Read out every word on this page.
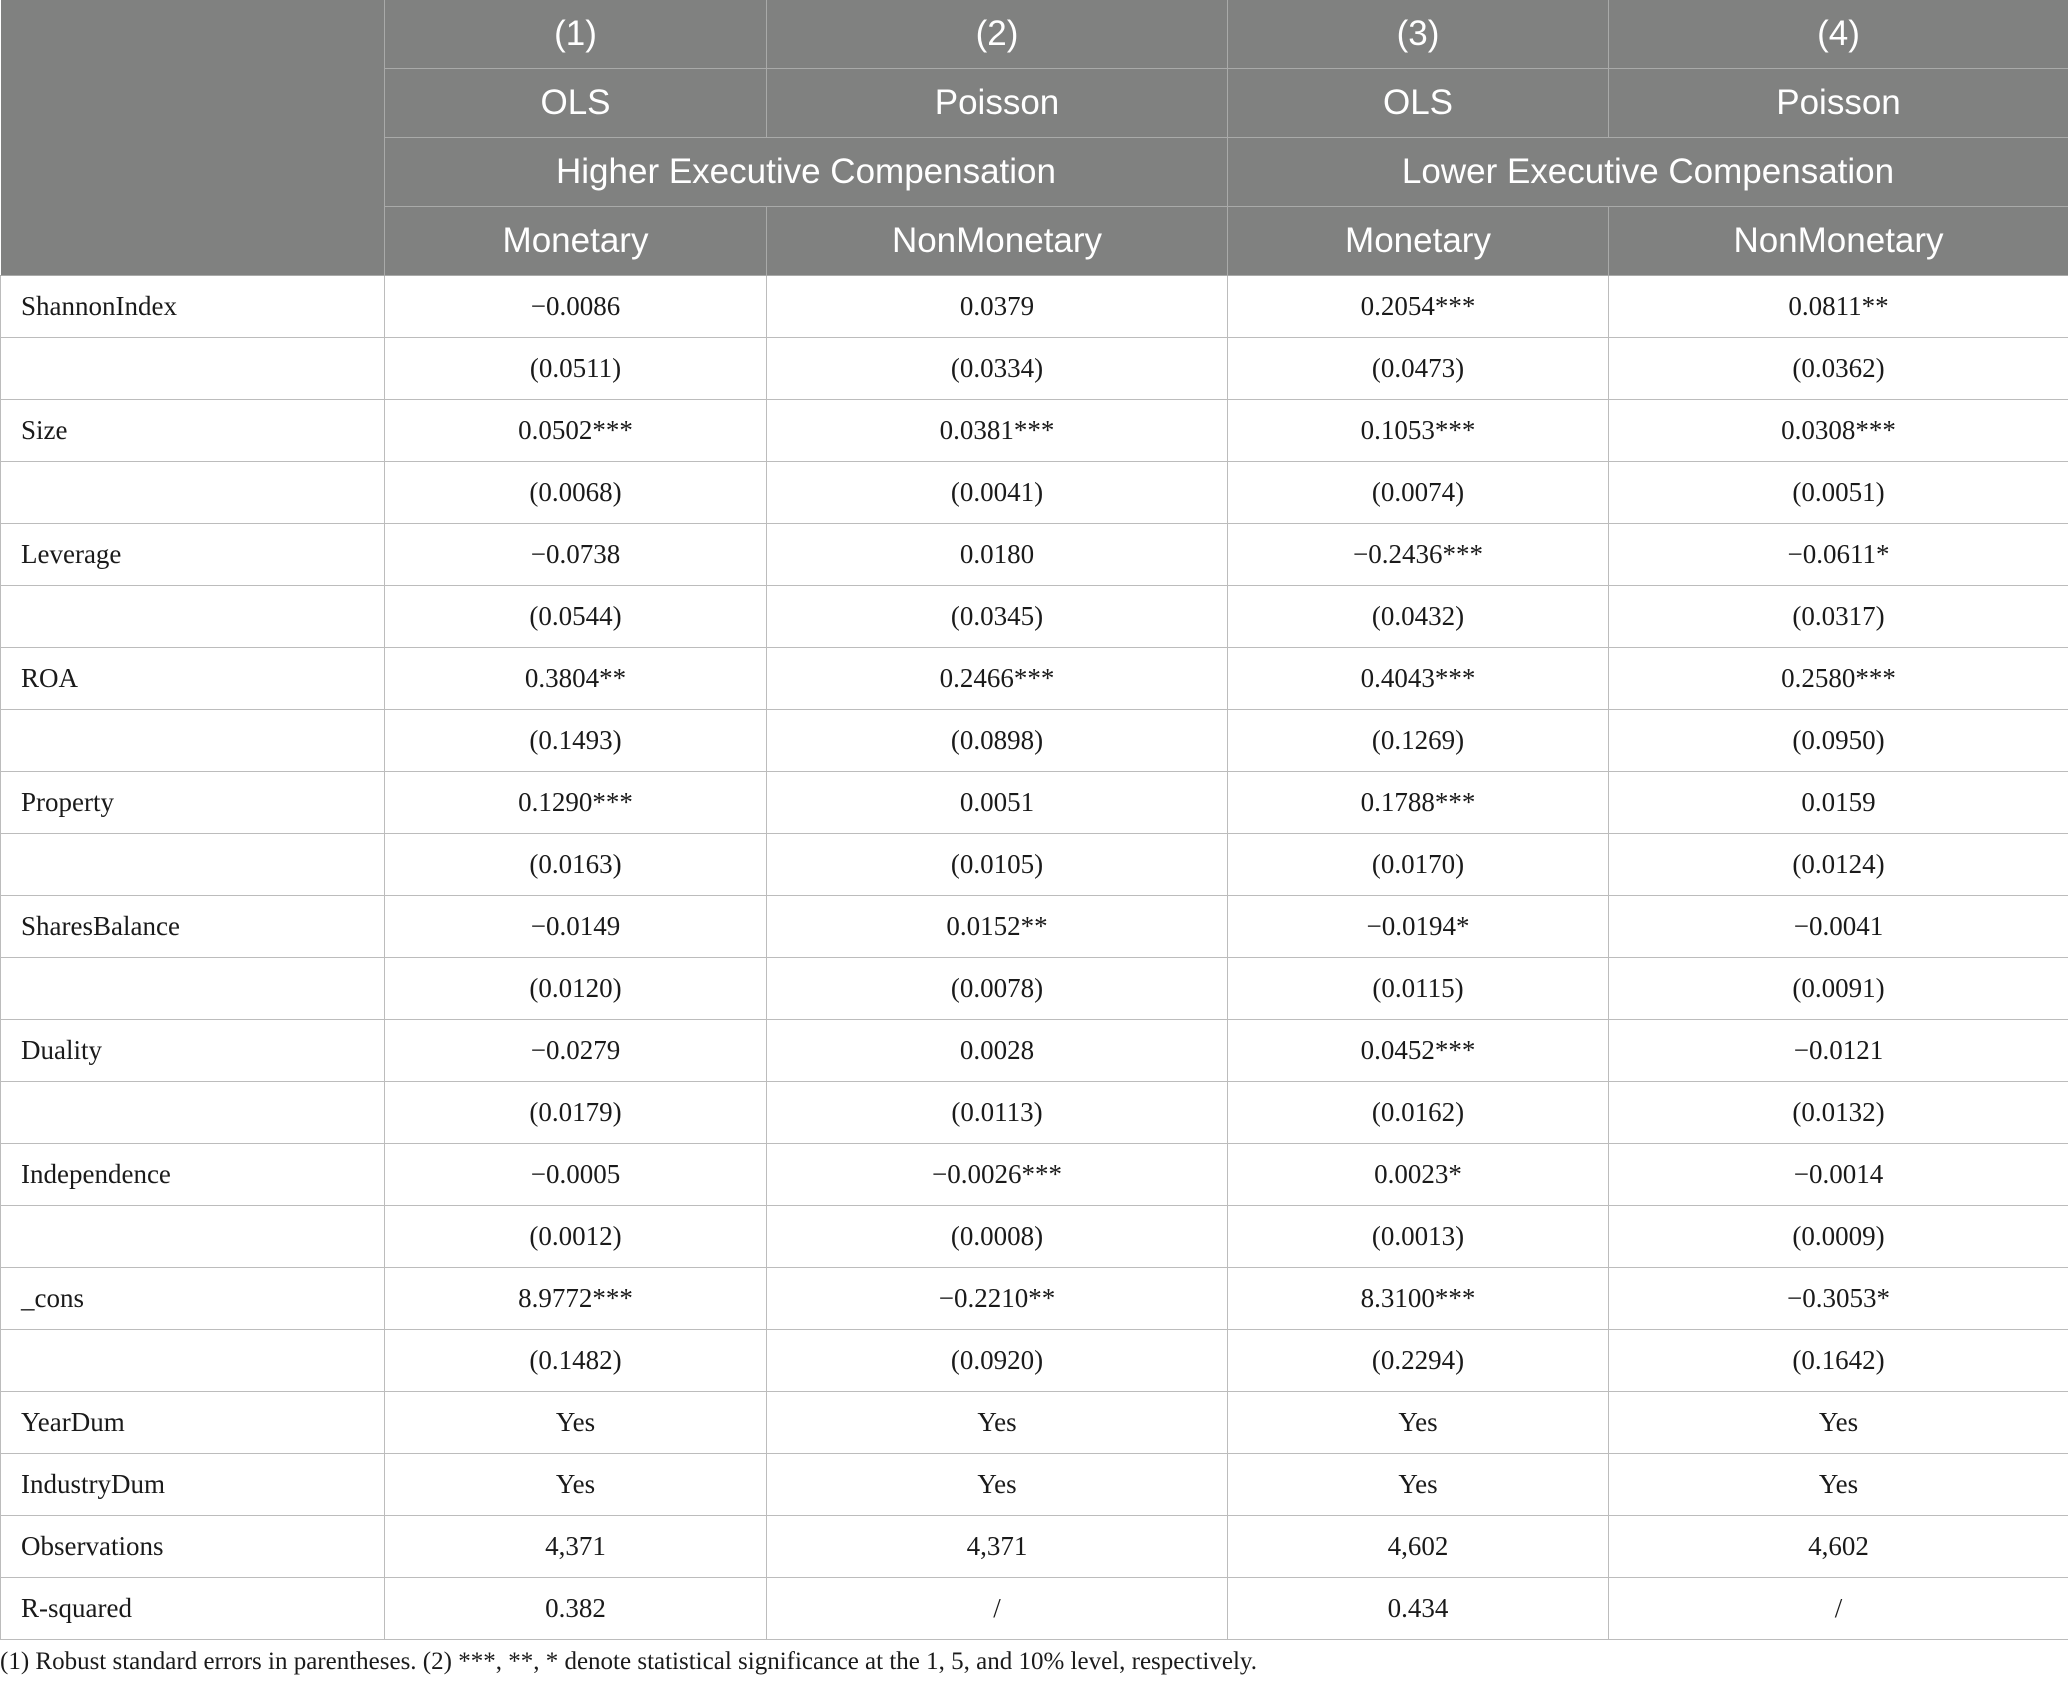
	(1)	(2)	(3)	(4)
	OLS	Poisson	OLS	Poisson
	Higher Executive Compensation		Lower Executive Compensation	
	Monetary	NonMonetary	Monetary	NonMonetary
ShannonIndex	−0.0086	0.0379	0.2054***	0.0811**
	(0.0511)	(0.0334)	(0.0473)	(0.0362)
Size	0.0502***	0.0381***	0.1053***	0.0308***
	(0.0068)	(0.0041)	(0.0074)	(0.0051)
Leverage	−0.0738	0.0180	−0.2436***	−0.0611*
	(0.0544)	(0.0345)	(0.0432)	(0.0317)
ROA	0.3804**	0.2466***	0.4043***	0.2580***
	(0.1493)	(0.0898)	(0.1269)	(0.0950)
Property	0.1290***	0.0051	0.1788***	0.0159
	(0.0163)	(0.0105)	(0.0170)	(0.0124)
SharesBalance	−0.0149	0.0152**	−0.0194*	−0.0041
	(0.0120)	(0.0078)	(0.0115)	(0.0091)
Duality	−0.0279	0.0028	0.0452***	−0.0121
	(0.0179)	(0.0113)	(0.0162)	(0.0132)
Independence	−0.0005	−0.0026***	0.0023*	−0.0014
	(0.0012)	(0.0008)	(0.0013)	(0.0009)
_cons	8.9772***	−0.2210**	8.3100***	−0.3053*
	(0.1482)	(0.0920)	(0.2294)	(0.1642)
YearDum	Yes	Yes	Yes	Yes
IndustryDum	Yes	Yes	Yes	Yes
Observations	4,371	4,371	4,602	4,602
R-squared	0.382	/	0.434	/
(1) Robust standard errors in parentheses. (2) ***, **, * denote statistical significance at the 1, 5, and 10% level, respectively.
